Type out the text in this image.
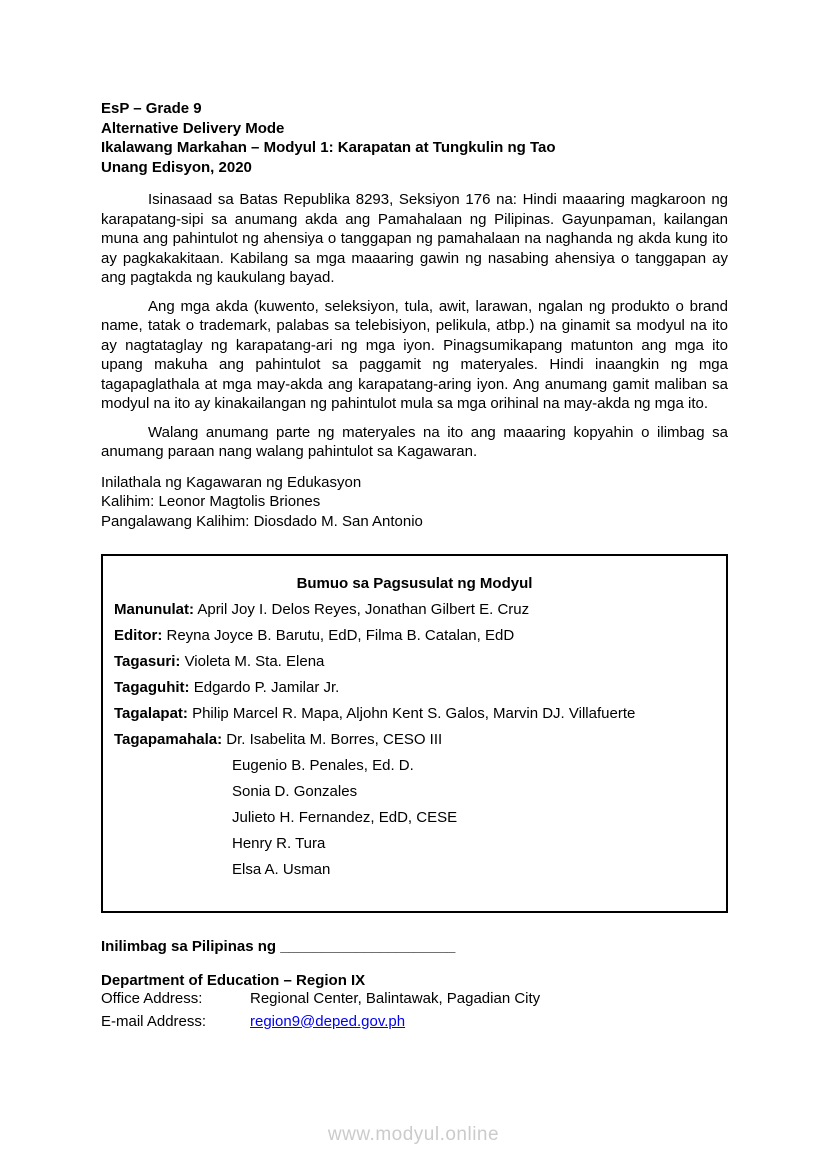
EsP – Grade 9
Alternative Delivery Mode
Ikalawang Markahan – Modyul 1: Karapatan at Tungkulin ng Tao
Unang Edisyon, 2020

Isinasaad sa Batas Republika 8293, Seksiyon 176 na: Hindi maaaring magkaroon ng karapatang-sipi sa anumang akda ang Pamahalaan ng Pilipinas. Gayunpaman, kailangan muna ang pahintulot ng ahensiya o tanggapan ng pamahalaan na naghanda ng akda kung ito ay pagkakakitaan. Kabilang sa mga maaaring gawin ng nasabing ahensiya o tanggapan ay ang pagtakda ng kaukulang bayad.

Ang mga akda (kuwento, seleksiyon, tula, awit, larawan, ngalan ng produkto o brand name, tatak o trademark, palabas sa telebisiyon, pelikula, atbp.) na ginamit sa modyul na ito ay nagtataglay ng karapatang-ari ng mga iyon. Pinagsumikapang matunton ang mga ito upang makuha ang pahintulot sa paggamit ng materyales. Hindi inaangkin ng mga tagapaglathala at mga may-akda ang karapatang-aring iyon. Ang anumang gamit maliban sa modyul na ito ay kinakailangan ng pahintulot mula sa mga orihinal na may-akda ng mga ito.

Walang anumang parte ng materyales na ito ang maaaring kopyahin o ilimbag sa anumang paraan nang walang pahintulot sa Kagawaran.

Inilathala ng Kagawaran ng Edukasyon
Kalihim: Leonor Magtolis Briones
Pangalawang Kalihim: Diosdado M. San Antonio
Bumuo sa Pagsusulat ng Modyul
Manunulat: April Joy I. Delos Reyes, Jonathan Gilbert E. Cruz
Editor: Reyna Joyce B. Barutu, EdD, Filma B. Catalan, EdD
Tagasuri: Violeta M. Sta. Elena
Tagaguhit: Edgardo P. Jamilar Jr.
Tagalapat: Philip Marcel R. Mapa, Aljohn Kent S. Galos, Marvin DJ. Villafuerte
Tagapamahala: Dr. Isabelita M. Borres, CESO III
Eugenio B. Penales, Ed. D.
Sonia D. Gonzales
Julieto H. Fernandez, EdD, CESE
Henry R. Tura
Elsa A. Usman
Inilimbag sa Pilipinas ng _____________________
Department of Education – Region IX
Office Address:	Regional Center, Balintawak, Pagadian City
E-mail Address:	region9@deped.gov.ph
www.modyul.online
